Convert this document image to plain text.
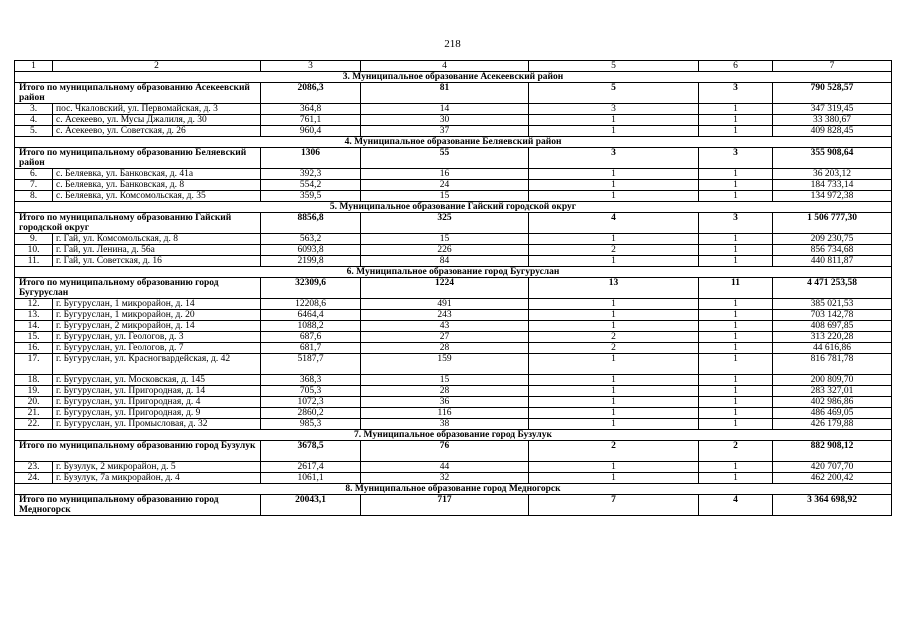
218
1	2	3	4	5	6	7
3. Муниципальное образование Асекеевский район						
Итого по муниципальному образованию Асекеевский район		2086,3	81	5	3	790 528,57
3.	пос. Чкаловский, ул. Первомайская, д. 3	364,8	14	3	1	347 319,45
4.	с. Асекеево, ул. Мусы Джалиля, д. 30	761,1	30	1	1	33 380,67
5.	с. Асекеево, ул. Советская, д. 26	960,4	37	1	1	409 828,45
4. Муниципальное образование Беляевский район						
Итого по муниципальному образованию Беляевский район		1306	55	3	3	355 908,64
6.	с. Беляевка, ул. Банковская, д. 41а	392,3	16	1	1	36 203,12
7.	с. Беляевка, ул. Банковская, д. 8	554,2	24	1	1	184 733,14
8.	с. Беляевка, ул. Комсомольская, д. 35	359,5	15	1	1	134 972,38
5. Муниципальное образование Гайский городской округ						
Итого по муниципальному образованию Гайский городской округ		8856,8	325	4	3	1 506 777,30
9.	г. Гай, ул. Комсомольская, д. 8	563,2	15	1	1	209 230,75
10.	г. Гай, ул. Ленина, д. 56а	6093,8	226	2	1	856 734,68
11.	г. Гай, ул. Советская, д. 16	2199,8	84	1	1	440 811,87
6. Муниципальное образование город Бугуруслан						
Итого по муниципальному образованию город Бугуруслан		32309,6	1224	13	11	4 471 253,58
12.	г. Бугуруслан, 1 микрорайон, д. 14	12208,6	491	1	1	385 021,53
13.	г. Бугуруслан, 1 микрорайон, д. 20	6464,4	243	1	1	703 142,78
14.	г. Бугуруслан, 2 микрорайон, д. 14	1088,2	43	1	1	408 697,85
15.	г. Бугуруслан, ул. Геологов, д. 3	687,6	27	2	1	313 220,28
16.	г. Бугуруслан, ул. Геологов, д. 7	681,7	28	2	1	44 616,86
17.	г. Бугуруслан, ул. Красногвардейская, д. 42	5187,7	159	1	1	816 781,78
18.	г. Бугуруслан, ул. Московская, д. 145	368,3	15	1	1	200 809,70
19.	г. Бугуруслан, ул. Пригородная, д. 14	705,3	28	1	1	283 327,01
20.	г. Бугуруслан, ул. Пригородная, д. 4	1072,3	36	1	1	402 986,86
21.	г. Бугуруслан, ул. Пригородная, д. 9	2860,2	116	1	1	486 469,05
22.	г. Бугуруслан, ул. Промысловая, д. 32	985,3	38	1	1	426 179,88
7. Муниципальное образование город Бузулук						
Итого по муниципальному образованию город Бузулук		3678,5	76	2	2	882 908,12
23.	г. Бузулук, 2 микрорайон, д. 5	2617,4	44	1	1	420 707,70
24.	г. Бузулук, 7а микрорайон, д. 4	1061,1	32	1	1	462 200,42
8. Муниципальное образование город Медногорск						
Итого по муниципальному образованию город Медногорск		20043,1	717	7	4	3 364 698,92
